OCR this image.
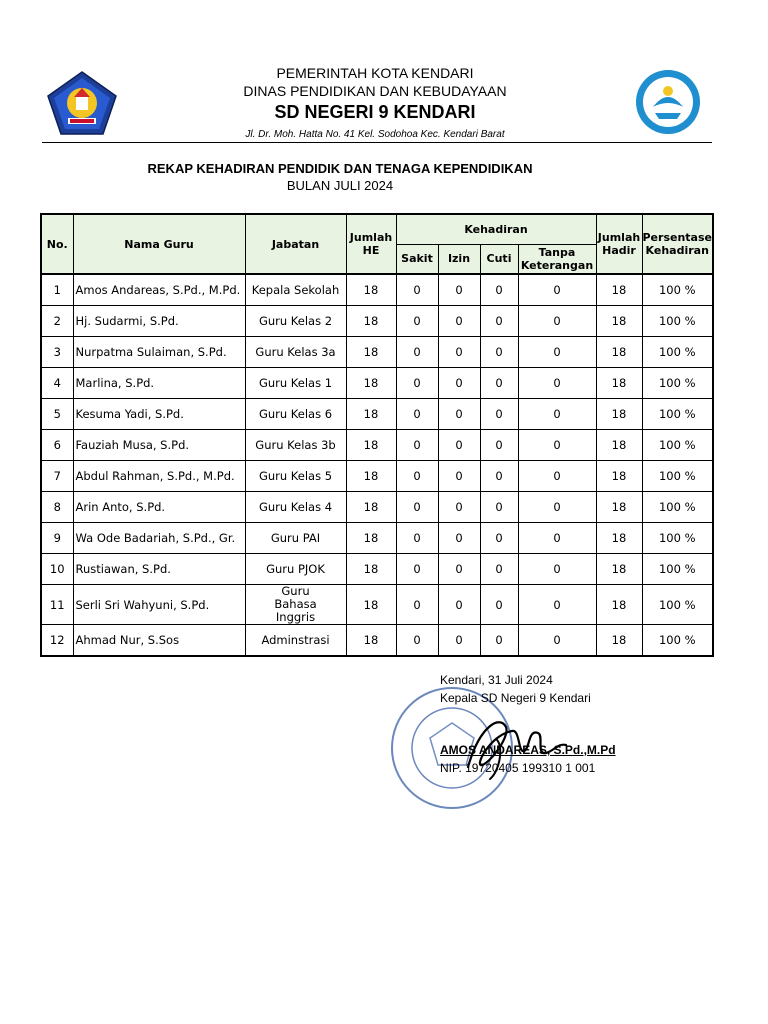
PEMERINTAH KOTA KENDARI
DINAS PENDIDIKAN DAN KEBUDAYAAN
SD NEGERI 9 KENDARI
Jl. Dr. Moh. Hatta No. 41 Kel. Sodohoa Kec. Kendari Barat
REKAP KEHADIRAN PENDIDIK DAN TENAGA KEPENDIDIKAN
BULAN JULI 2024
No.	Nama Guru	Jabatan	Jumlah HE	Kehadiran				Jumlah Hadir	Persentase Kehadiran
				Sakit	Izin	Cuti	Tanpa Keterangan		
1	Amos Andareas, S.Pd., M.Pd.	Kepala Sekolah	18	0	0	0	0	18	100 %
2	Hj. Sudarmi, S.Pd.	Guru Kelas 2	18	0	0	0	0	18	100 %
3	Nurpatma Sulaiman, S.Pd.	Guru Kelas 3a	18	0	0	0	0	18	100 %
4	Marlina, S.Pd.	Guru Kelas 1	18	0	0	0	0	18	100 %
5	Kesuma Yadi, S.Pd.	Guru Kelas 6	18	0	0	0	0	18	100 %
6	Fauziah Musa, S.Pd.	Guru Kelas 3b	18	0	0	0	0	18	100 %
7	Abdul Rahman, S.Pd., M.Pd.	Guru Kelas 5	18	0	0	0	0	18	100 %
8	Arin Anto, S.Pd.	Guru Kelas 4	18	0	0	0	0	18	100 %
9	Wa Ode Badariah, S.Pd., Gr.	Guru PAI	18	0	0	0	0	18	100 %
10	Rustiawan, S.Pd.	Guru PJOK	18	0	0	0	0	18	100 %
11	Serli Sri Wahyuni, S.Pd.	Guru Bahasa Inggris	18	0	0	0	0	18	100 %
12	Ahmad Nur, S.Sos	Adminstrasi	18	0	0	0	0	18	100 %
Kendari, 31 Juli 2024
Kepala SD Negeri 9 Kendari
AMOS ANDAREAS, S.Pd.,M.Pd
NIP. 19720405 199310 1 001
